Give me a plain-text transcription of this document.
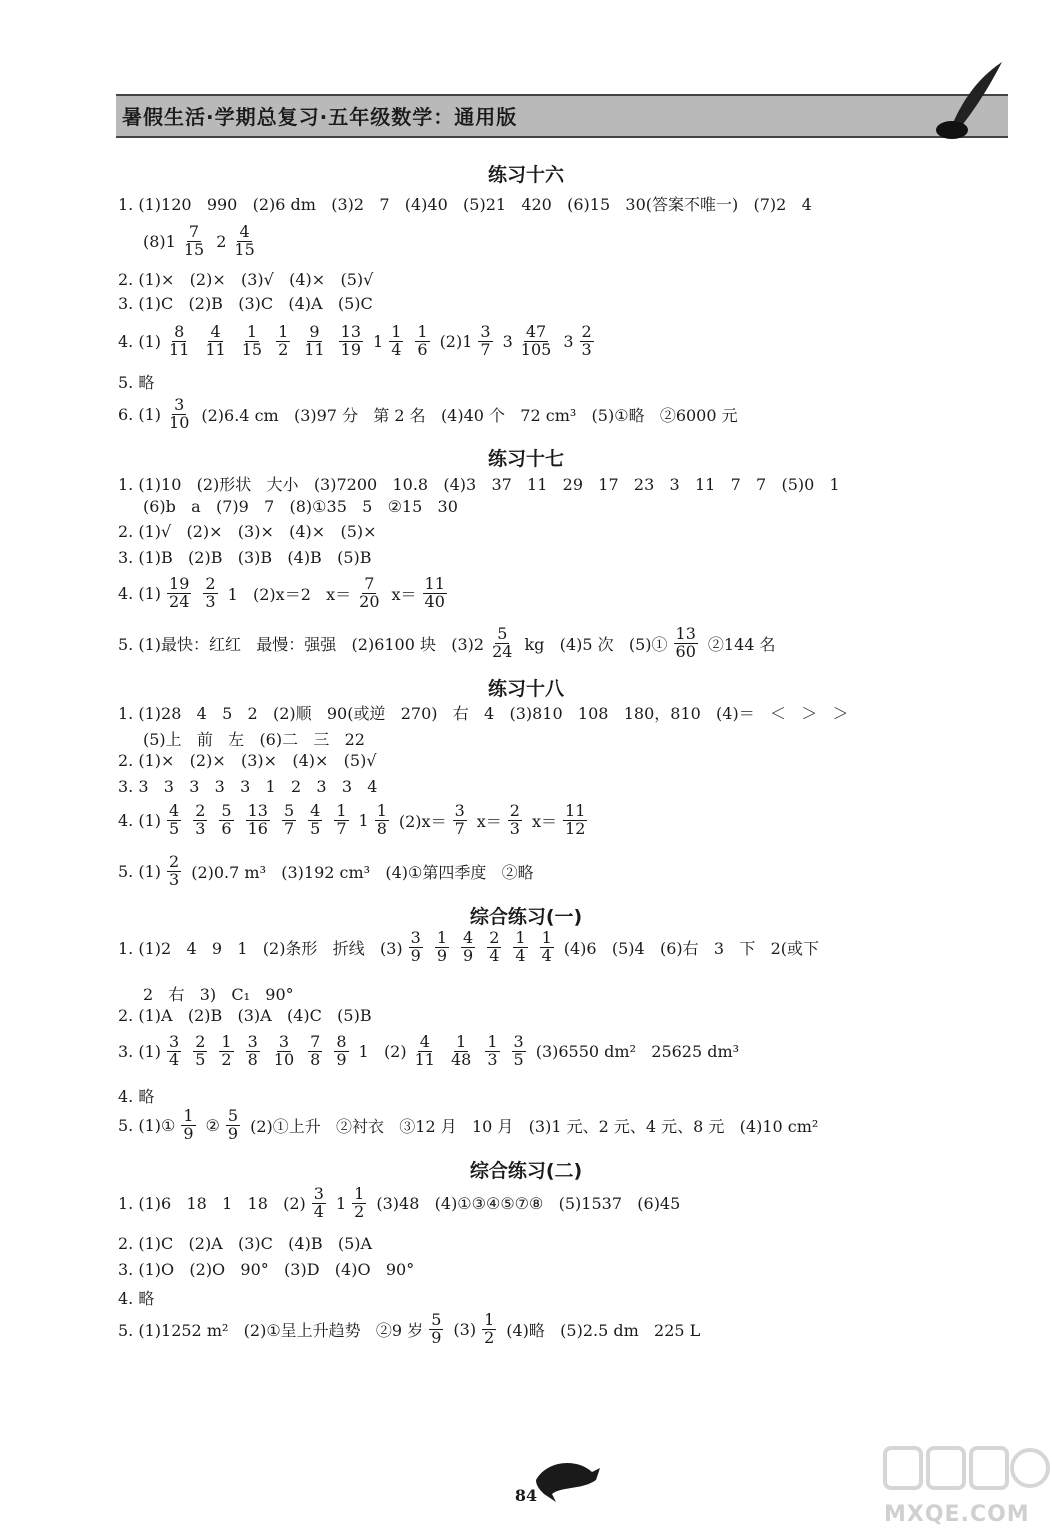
暑假生活·学期总复习·五年级数学：通用版
练习十六
1. (1)120   990   (2)6 dm   (3)2   7   (4)40   (5)21   420   (6)15   30(答案不唯一)   (7)2   4
$(8)1 \frac{7}{15} 2 \frac{4}{15}$
2. (1)×   (2)×   (3)√   (4)×   (5)√
3. (1)C   (2)B   (3)C   (4)A   (5)C
4. $(1) \frac{8}{11} \frac{4}{11} \frac{1}{15} \frac{1}{2} \frac{9}{11} \frac{13}{19} 1 \frac{1}{4} \frac{1}{6} (2)1 \frac{3}{7} 3 \frac{47}{105} 3 \frac{2}{3}$
5. 略
6. $(1) \frac{3}{10} (2)6.4$ cm   (3)97 分   第 2 名   (4)40 个   72 cm³   (5)①略   ②6000 元
练习十七
1. (1)10   (2)形状   大小   (3)7200   10.8   (4)3   37   11   29   17   23   3   11   7   7   (5)0   1
(6)b   a   (7)9   7   (8)①35   5   ②15   30
2. (1)√   (2)×   (3)×   (4)×   (5)×
3. (1)B   (2)B   (3)B   (4)B   (5)B
4. $(1) \frac{19}{24} \frac{2}{3} 1$   (2)x＝2   $x= \frac{7}{20} x= \frac{11}{40}$
5. (1)最快：红红   最慢：强强   (2)6100 块   $(3)2 \frac{5}{24}$ kg   (4)5 次   (5)① $\frac{13}{60}$ ②144 名
练习十八
1. (1)28   4   5   2   (2)顺   90(或逆   270)   右   4   (3)810   108   180，810   (4)＝   ＜   ＞   ＞
(5)上   前   左   (6)二   三   22
2. (1)×   (2)×   (3)×   (4)×   (5)√
3. 3   3   3   3   3   1   2   3   3   4
4. $(1) \frac{4}{5} \frac{2}{3} \frac{5}{6} \frac{13}{16} \frac{5}{7} \frac{4}{5} \frac{1}{7} 1 \frac{1}{8} (2)x= \frac{3}{7} x= \frac{2}{3} x= \frac{11}{12}$
5. $(1) \frac{2}{3} (2)0.7$ m³   (3)192 cm³   (4)①第四季度   ②略
综合练习(一)
1. (1)2   4   9   1   (2)条形   折线   $(3) \frac{3}{9} \frac{1}{9} \frac{4}{9} \frac{2}{4} \frac{1}{4} \frac{1}{4} (4)6$   (5)4   (6)右   3   下   2(或下
2   右   3)   C₁   90°
2. (1)A   (2)B   (3)A   (4)C   (5)B
3. $(1) \frac{3}{4} \frac{2}{5} \frac{1}{2} \frac{3}{8} \frac{3}{10} \frac{7}{8} \frac{8}{9} 1$   $(2) \frac{4}{11} \frac{1}{48} \frac{1}{3} \frac{3}{5} (3)6550$ dm²   25625 dm³
4. 略
5. (1)① $\frac{1}{9}$ ② $\frac{5}{9}$ (2)①上升   ②衬衣   ③12 月   10 月   (3)1 元、2 元、4 元、8 元   (4)10 cm²
综合练习(二)
1. (1)6   18   1   18   $(2) \frac{3}{4} 1 \frac{1}{2} (3)48$   (4)①③④⑤⑦⑧   (5)1537   (6)45
2. (1)C   (2)A   (3)C   (4)B   (5)A
3. (1)O   (2)O   90°   (3)D   (4)O   90°
4. 略
5. (1)1252 m²   (2)①呈上升趋势   ②9 岁 $\frac{5}{9} (3) \frac{1}{2} (4)$略   (5)2.5 dm   225 L
84
MXQE.COM
